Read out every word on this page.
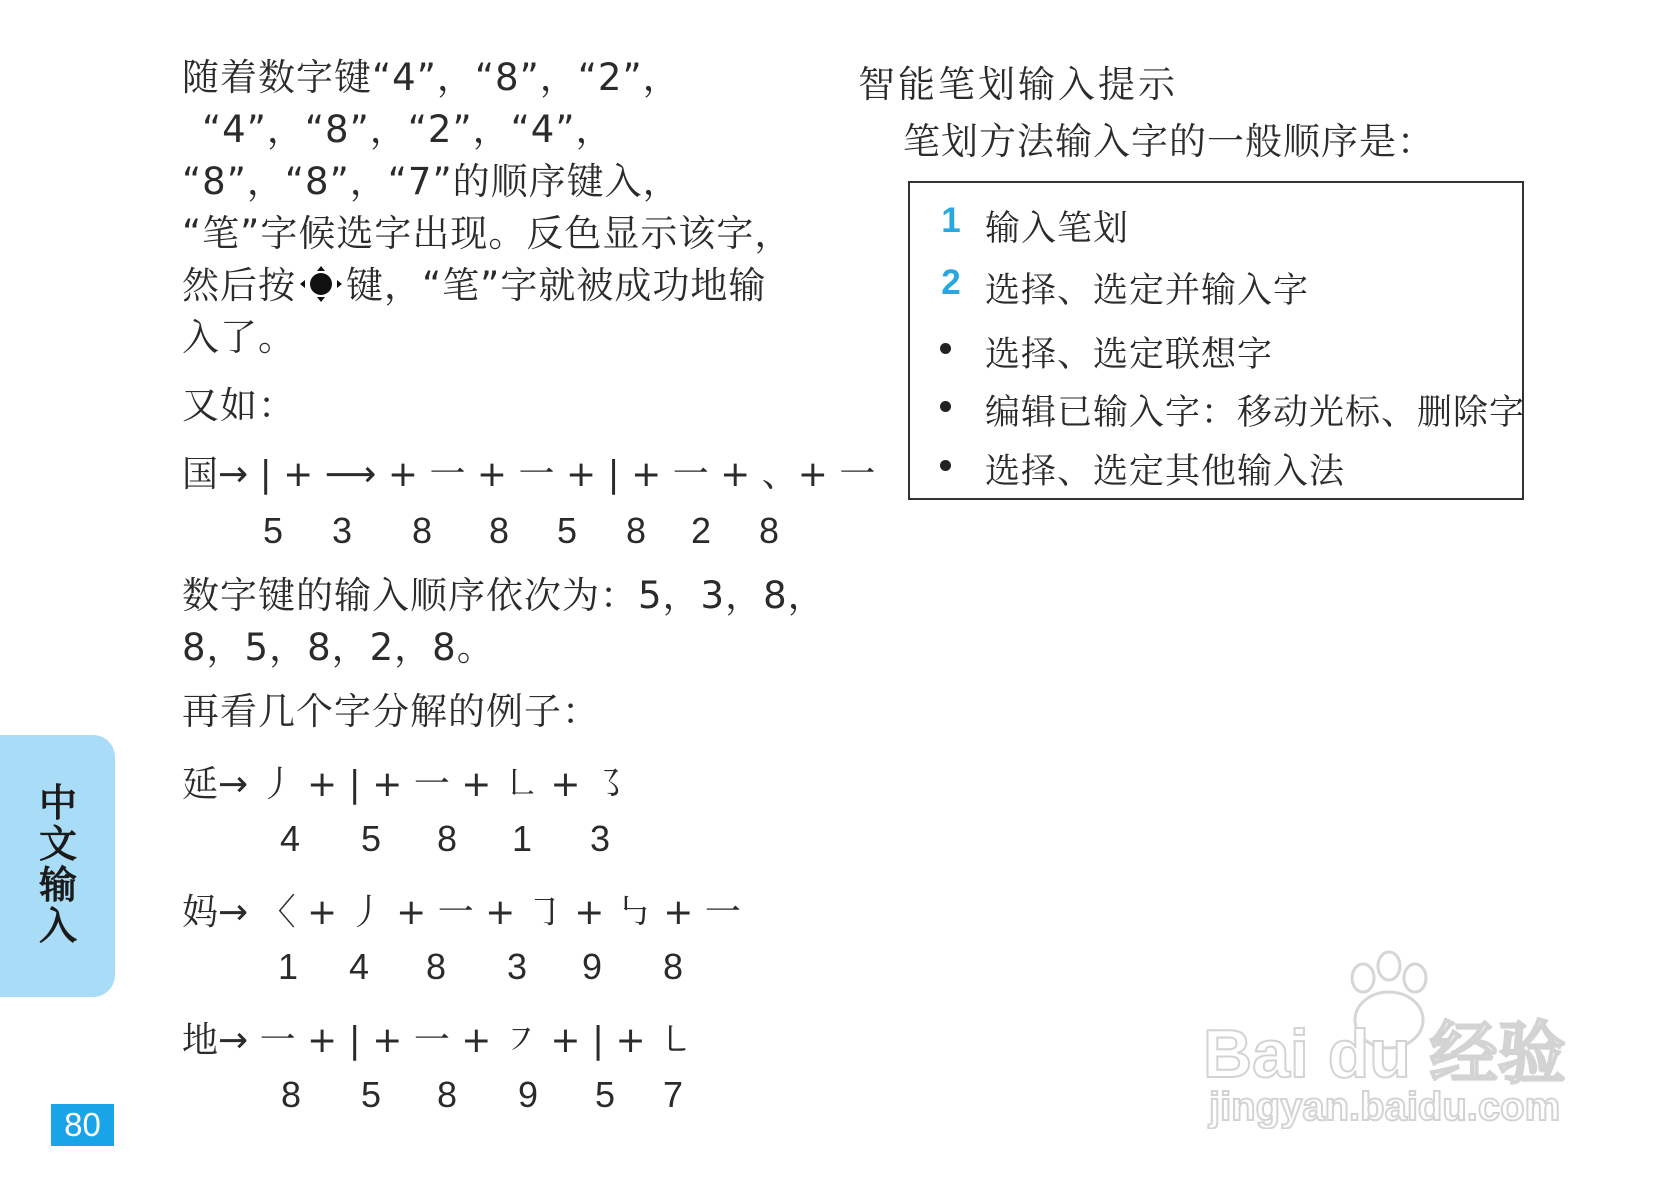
随着数字键“4”，“8”，“2”，
“4”，“8”，“2”，“4”，
“8”，“8”，“7”的顺序键入，
“笔”字候选字出现。反色显示该字，
然后按 键，“笔”字就被成功地输
入了。
又如：
国→ | + ⟶ + 一 + 一 + | + 一 + 、+ 一
5 3 8 8 5 8 2 8
数字键的输入顺序依次为：5，3，8，
8，5，8，2，8。
再看几个字分解的例子：
延→ 丿 + | + 一 + ㇗ + ㇌
4 5 8 1 3
妈→ 〈 + 丿 + 一 + ㇆ + ㇉ + 一
1 4 8 3 9 8
地→ 一 + | + 一 + ㇇ + | + ㇄
8 5 8 9 5 7
智能笔划输入提示
笔划方法输入字的一般顺序是：
1 输入笔划
2 选择、选定并输入字
选择、选定联想字
编辑已输入字：移动光标、删除字
选择、选定其他输入法
中文输入
80
Bai du 经验
jingyan.baidu.com
